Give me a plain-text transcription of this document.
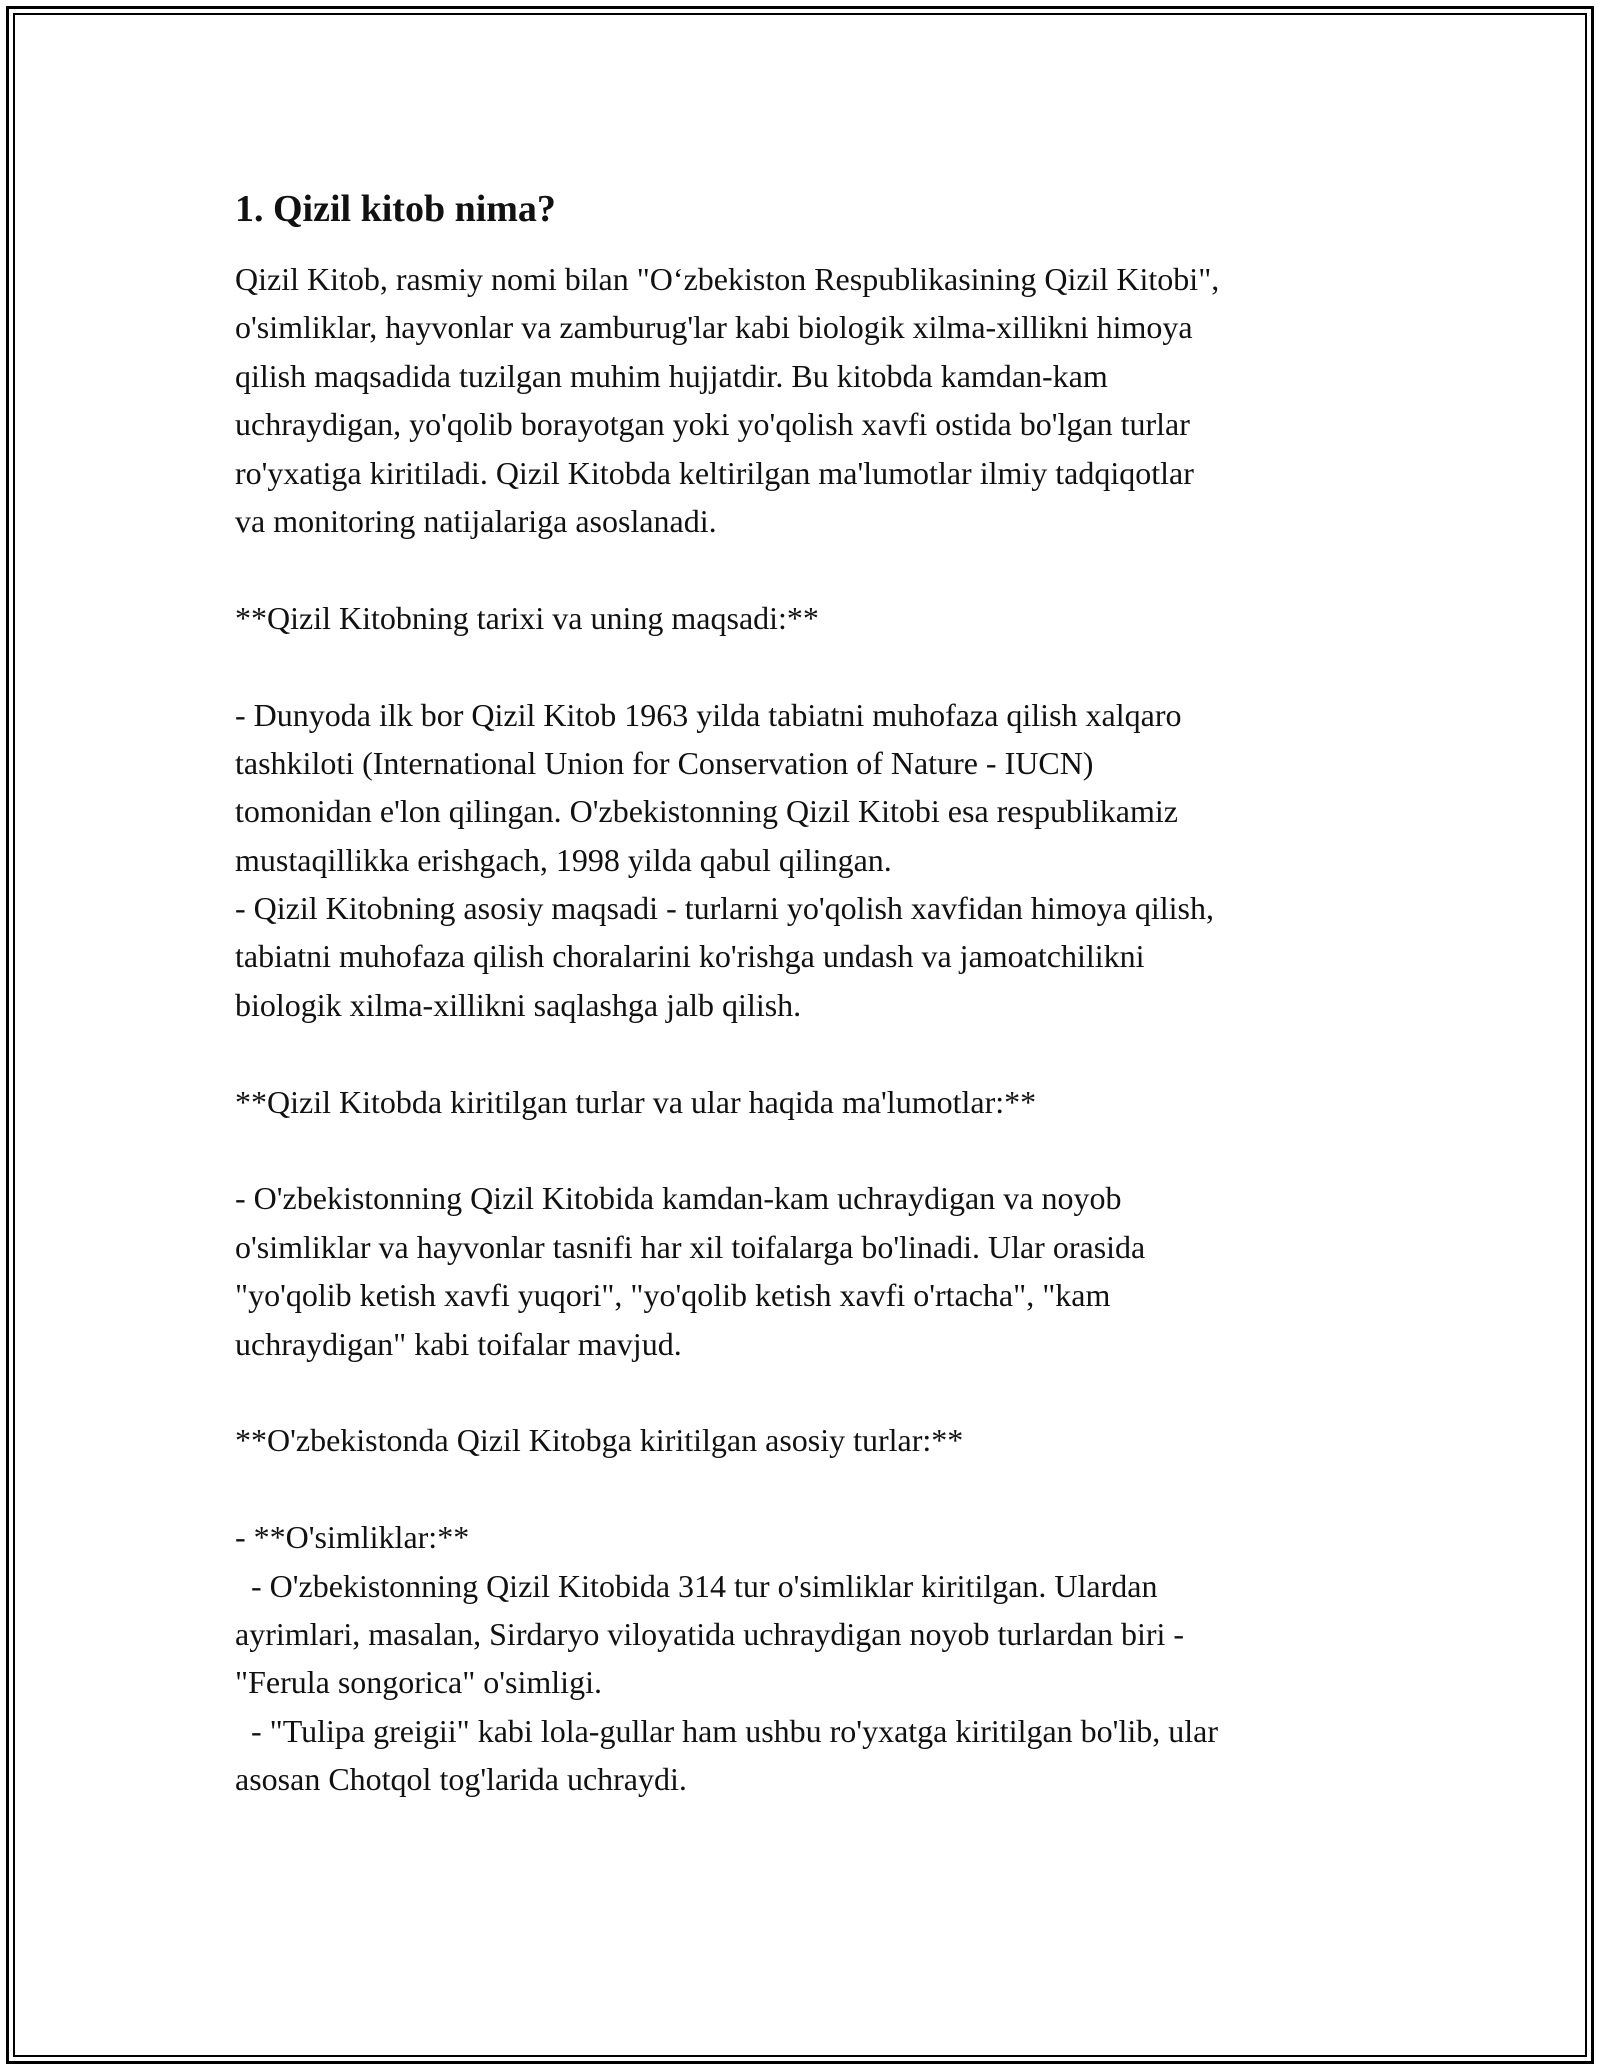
1. Qizil kitob nima?
Qizil Kitob, rasmiy nomi bilan "O‘zbekiston Respublikasining Qizil Kitobi",
o'simliklar, hayvonlar va zamburug'lar kabi biologik xilma-xillikni himoya
qilish maqsadida tuzilgan muhim hujjatdir. Bu kitobda kamdan-kam
uchraydigan, yo'qolib borayotgan yoki yo'qolish xavfi ostida bo'lgan turlar
ro'yxatiga kiritiladi. Qizil Kitobda keltirilgan ma'lumotlar ilmiy tadqiqotlar
va monitoring natijalariga asoslanadi.
**Qizil Kitobning tarixi va uning maqsadi:**
- Dunyoda ilk bor Qizil Kitob 1963 yilda tabiatni muhofaza qilish xalqaro
tashkiloti (International Union for Conservation of Nature - IUCN)
tomonidan e'lon qilingan. O'zbekistonning Qizil Kitobi esa respublikamiz
mustaqillikka erishgach, 1998 yilda qabul qilingan.
- Qizil Kitobning asosiy maqsadi - turlarni yo'qolish xavfidan himoya qilish,
tabiatni muhofaza qilish choralarini ko'rishga undash va jamoatchilikni
biologik xilma-xillikni saqlashga jalb qilish.
**Qizil Kitobda kiritilgan turlar va ular haqida ma'lumotlar:**
- O'zbekistonning Qizil Kitobida kamdan-kam uchraydigan va noyob
o'simliklar va hayvonlar tasnifi har xil toifalarga bo'linadi. Ular orasida
"yo'qolib ketish xavfi yuqori", "yo'qolib ketish xavfi o'rtacha", "kam
uchraydigan" kabi toifalar mavjud.
**O'zbekistonda Qizil Kitobga kiritilgan asosiy turlar:**
- **O'simliklar:**
- O'zbekistonning Qizil Kitobida 314 tur o'simliklar kiritilgan. Ulardan
ayrimlari, masalan, Sirdaryo viloyatida uchraydigan noyob turlardan biri -
"Ferula songorica" o'simligi.
- "Tulipa greigii" kabi lola-gullar ham ushbu ro'yxatga kiritilgan bo'lib, ular
asosan Chotqol tog'larida uchraydi.
